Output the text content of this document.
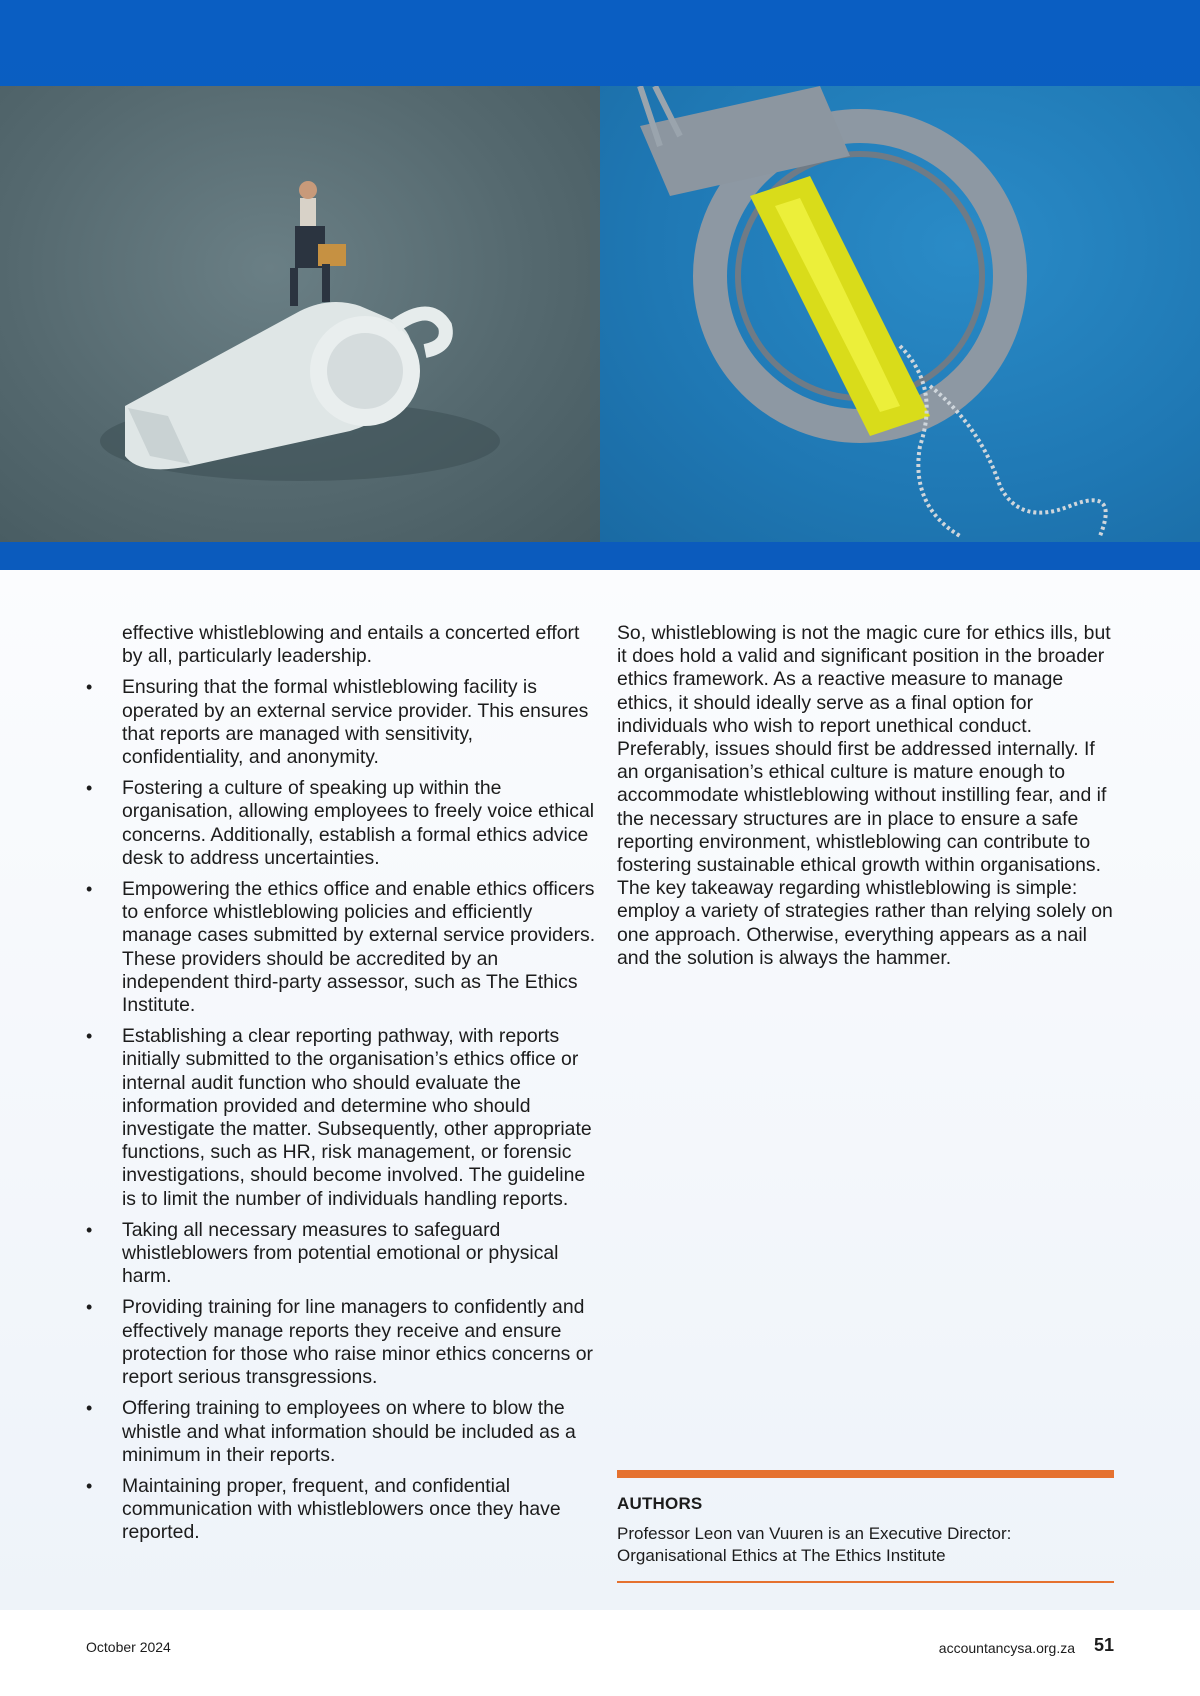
effective whistleblowing and entails a concerted effort by all, particularly leadership.

•	Ensuring that the formal whistleblowing facility is operated by an external service provider. This ensures that reports are managed with sensitivity, confidentiality, and anonymity.
•	Fostering a culture of speaking up within the organisation, allowing employees to freely voice ethical concerns. Additionally, establish a formal ethics advice desk to address uncertainties.
•	Empowering the ethics office and enable ethics officers to enforce whistleblowing policies and efficiently manage cases submitted by external service providers. These providers should be accredited by an independent third-party assessor, such as The Ethics Institute.
•	Establishing a clear reporting pathway, with reports initially submitted to the organisation’s ethics office or internal audit function who should evaluate the information provided and determine who should investigate the matter. Subsequently, other appropriate functions, such as HR, risk management, or forensic investigations, should become involved. The guideline is to limit the number of individuals handling reports.
•	Taking all necessary measures to safeguard whistleblowers from potential emotional or physical harm.
•	Providing training for line managers to confidently and effectively manage reports they receive and ensure protection for those who raise minor ethics concerns or report serious transgressions.
•	Offering training to employees on where to blow the whistle and what information should be included as a minimum in their reports.
•	Maintaining proper, frequent, and confidential communication with whistleblowers once they have reported.

So, whistleblowing is not the magic cure for ethics ills, but it does hold a valid and significant position in the broader ethics framework. As a reactive measure to manage ethics, it should ideally serve as a final option for individuals who wish to report unethical conduct. Preferably, issues should first be addressed internally. If an organisation’s ethical culture is mature enough to accommodate whistleblowing without instilling fear, and if the necessary structures are in place to ensure a safe reporting environment, whistleblowing can contribute to fostering sustainable ethical growth within organisations. The key takeaway regarding whistleblowing is simple: employ a variety of strategies rather than relying solely on one approach. Otherwise, everything appears as a nail and the solution is always the hammer.

AUTHORS
Professor Leon van Vuuren is an Executive Director: Organisational Ethics at The Ethics Institute
October 2024	accountancysa.org.za 51
